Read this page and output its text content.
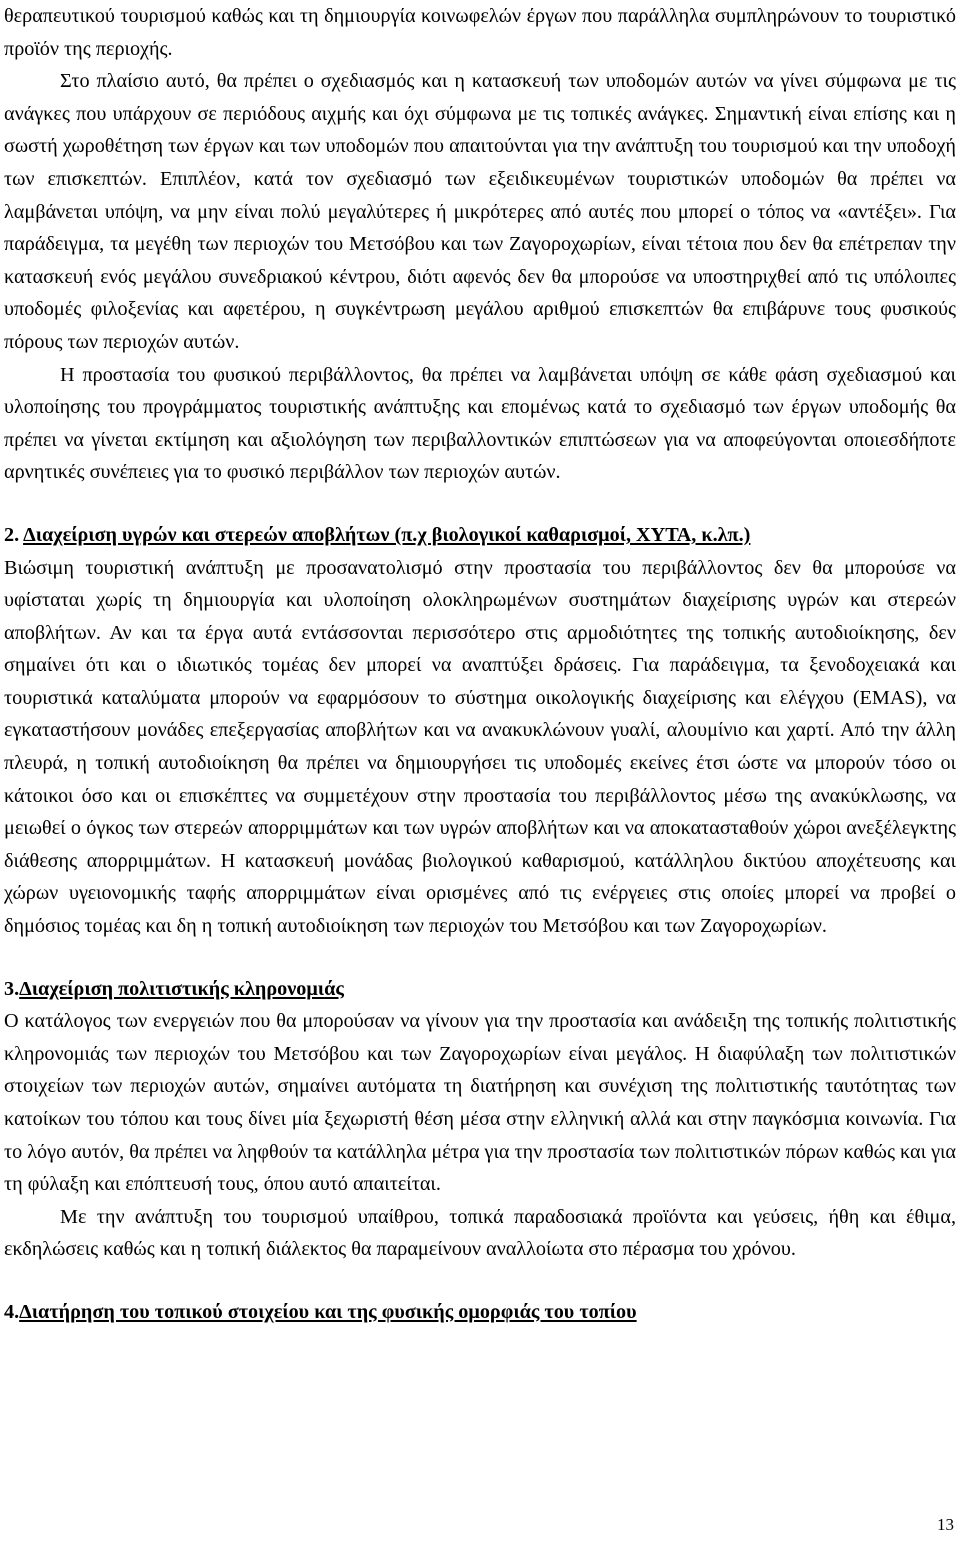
θεραπευτικού τουρισμού καθώς και τη δημιουργία κοινωφελών έργων που παράλληλα συμπληρώνουν το τουριστικό προϊόν της περιοχής.

Στο πλαίσιο αυτό, θα πρέπει ο σχεδιασμός και η κατασκευή των υποδομών αυτών να γίνει σύμφωνα με τις ανάγκες που υπάρχουν σε περιόδους αιχμής και όχι σύμφωνα με τις τοπικές ανάγκες. Σημαντική είναι επίσης και η σωστή χωροθέτηση των έργων και των υποδομών που απαιτούνται για την ανάπτυξη του τουρισμού και την υποδοχή των επισκεπτών. Επιπλέον, κατά τον σχεδιασμό των εξειδικευμένων τουριστικών υποδομών θα πρέπει να λαμβάνεται υπόψη, να μην είναι πολύ μεγαλύτερες ή μικρότερες από αυτές που μπορεί ο τόπος να «αντέξει». Για παράδειγμα, τα μεγέθη των περιοχών του Μετσόβου και των Ζαγοροχωρίων, είναι τέτοια που δεν θα επέτρεπαν την κατασκευή ενός μεγάλου συνεδριακού κέντρου, διότι αφενός δεν θα μπορούσε να υποστηριχθεί από τις υπόλοιπες υποδομές φιλοξενίας και αφετέρου, η συγκέντρωση μεγάλου αριθμού επισκεπτών θα επιβάρυνε τους φυσικούς πόρους των περιοχών αυτών.

Η προστασία του φυσικού περιβάλλοντος, θα πρέπει να λαμβάνεται υπόψη σε κάθε φάση σχεδιασμού και υλοποίησης του προγράμματος τουριστικής ανάπτυξης και επομένως κατά το σχεδιασμό των έργων υποδομής θα πρέπει να γίνεται εκτίμηση και αξιολόγηση των περιβαλλοντικών επιπτώσεων για να αποφεύγονται οποιεσδήποτε αρνητικές συνέπειες για το φυσικό περιβάλλον των περιοχών αυτών.

2. Διαχείριση υγρών και στερεών αποβλήτων (π.χ βιολογικοί καθαρισμοί, ΧΥΤΑ, κ.λπ.)

Βιώσιμη τουριστική ανάπτυξη με προσανατολισμό στην προστασία του περιβάλλοντος δεν θα μπορούσε να υφίσταται χωρίς τη δημιουργία και υλοποίηση ολοκληρωμένων συστημάτων διαχείρισης υγρών και στερεών αποβλήτων. Αν και τα έργα αυτά εντάσσονται περισσότερο στις αρμοδιότητες της τοπικής αυτοδιοίκησης, δεν σημαίνει ότι και ο ιδιωτικός τομέας δεν μπορεί να αναπτύξει δράσεις. Για παράδειγμα, τα ξενοδοχειακά και τουριστικά καταλύματα μπορούν να εφαρμόσουν το σύστημα οικολογικής διαχείρισης και ελέγχου (EMAS), να εγκαταστήσουν μονάδες επεξεργασίας αποβλήτων και να ανακυκλώνουν γυαλί, αλουμίνιο και χαρτί. Από την άλλη πλευρά, η τοπική αυτοδιοίκηση θα πρέπει να δημιουργήσει τις υποδομές εκείνες έτσι ώστε να μπορούν τόσο οι κάτοικοι όσο και οι επισκέπτες να συμμετέχουν στην προστασία του περιβάλλοντος μέσω της ανακύκλωσης, να μειωθεί ο όγκος των στερεών απορριμμάτων και των υγρών αποβλήτων και να αποκατασταθούν χώροι ανεξέλεγκτης διάθεσης απορριμμάτων. Η κατασκευή μονάδας βιολογικού καθαρισμού, κατάλληλου δικτύου αποχέτευσης και χώρων υγειονομικής ταφής απορριμμάτων είναι ορισμένες από τις ενέργειες στις οποίες μπορεί να προβεί ο δημόσιος τομέας και δη η τοπική αυτοδιοίκηση των περιοχών του Μετσόβου και των Ζαγοροχωρίων.

3.Διαχείριση πολιτιστικής κληρονομιάς

Ο κατάλογος των ενεργειών που θα μπορούσαν να γίνουν για την προστασία και ανάδειξη της τοπικής πολιτιστικής κληρονομιάς των περιοχών του Μετσόβου και των Ζαγοροχωρίων είναι μεγάλος. Η διαφύλαξη των πολιτιστικών στοιχείων των περιοχών αυτών, σημαίνει αυτόματα τη διατήρηση και συνέχιση της πολιτιστικής ταυτότητας των κατοίκων του τόπου και τους δίνει μία ξεχωριστή θέση μέσα στην ελληνική αλλά και στην παγκόσμια κοινωνία. Για το λόγο αυτόν, θα πρέπει να ληφθούν τα κατάλληλα μέτρα για την προστασία των πολιτιστικών πόρων καθώς και για τη φύλαξη και επόπτευσή τους, όπου αυτό απαιτείται.

Με την ανάπτυξη του τουρισμού υπαίθρου, τοπικά παραδοσιακά προϊόντα και γεύσεις, ήθη και έθιμα, εκδηλώσεις καθώς και η τοπική διάλεκτος θα παραμείνουν αναλλοίωτα στο πέρασμα του χρόνου.

4.Διατήρηση του τοπικού στοιχείου και της φυσικής ομορφιάς του τοπίου
13
